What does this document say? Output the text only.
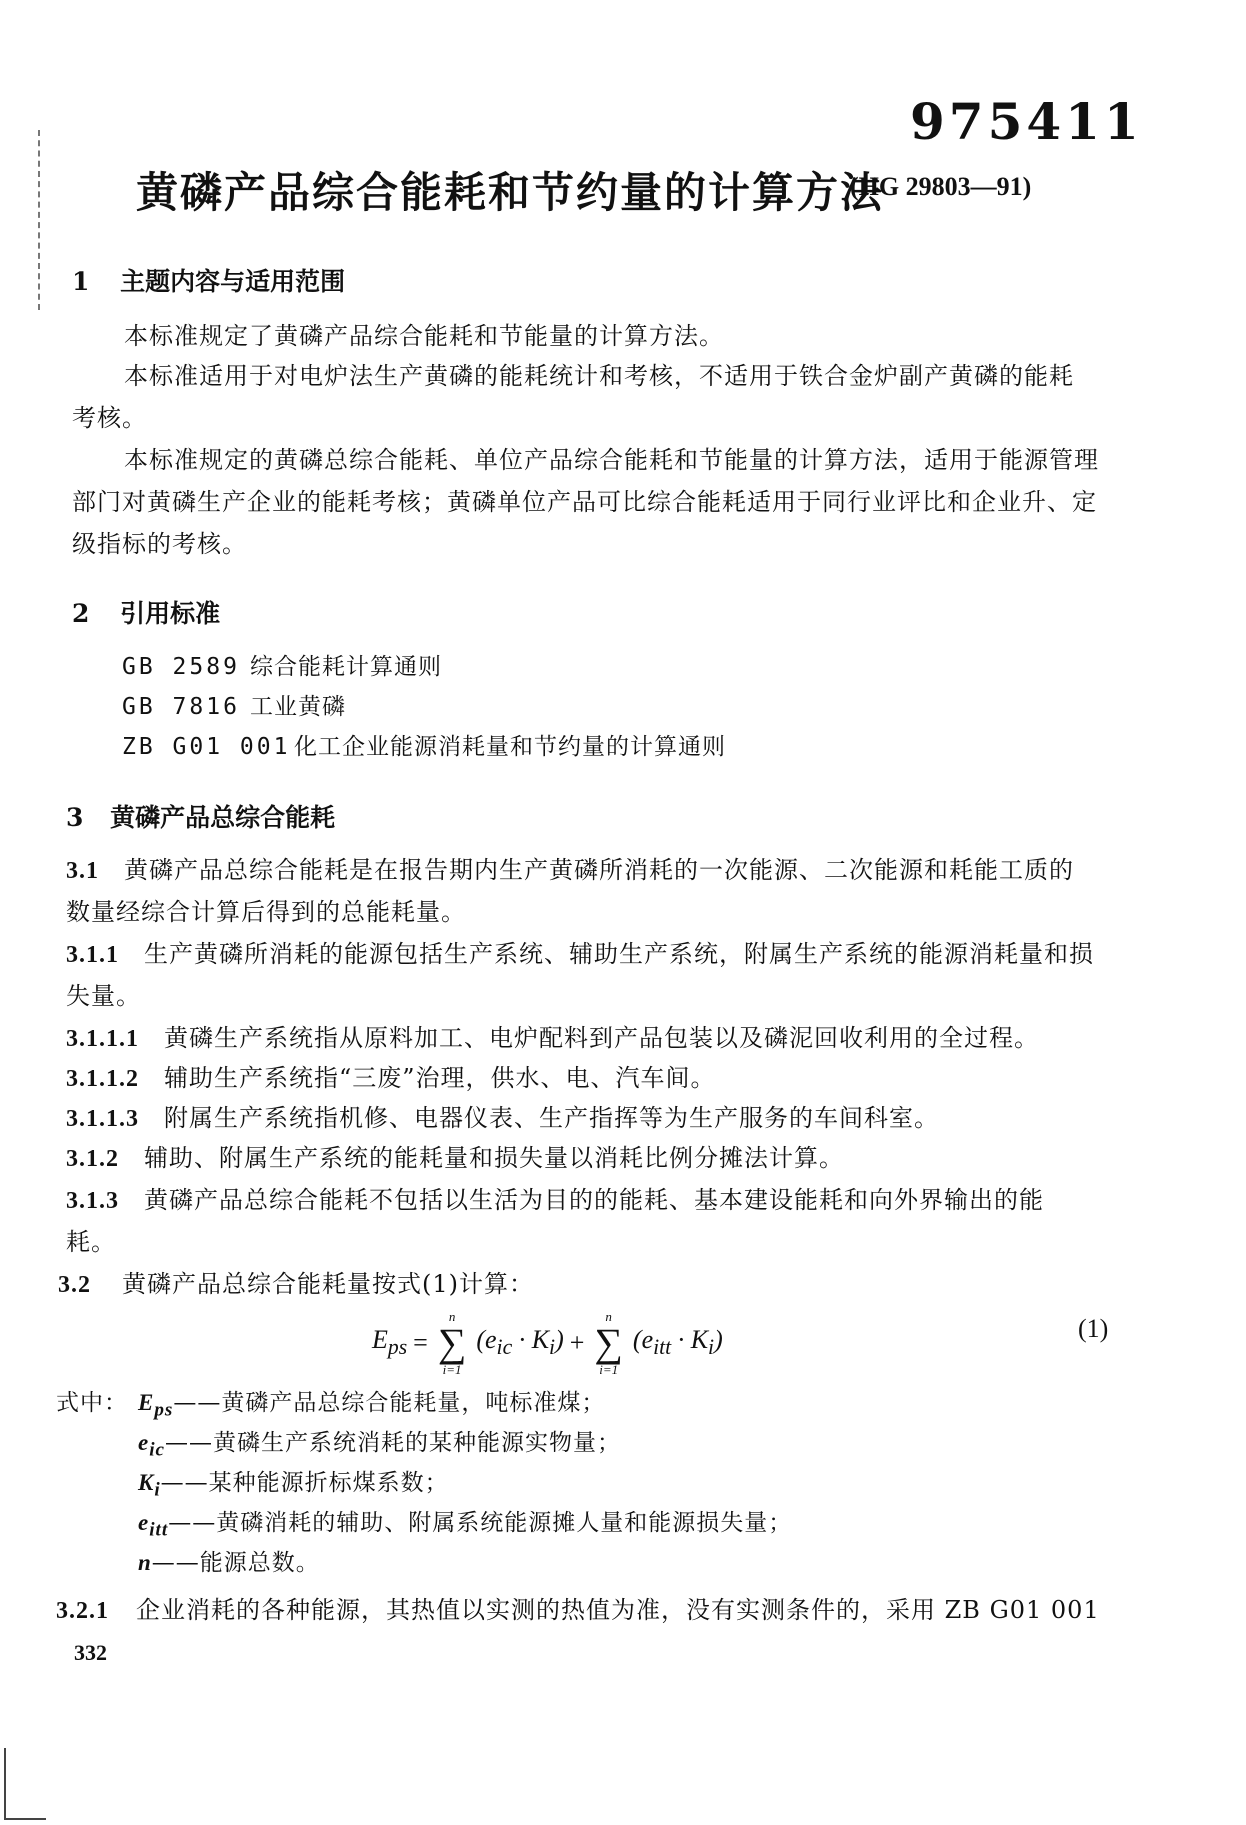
975411
黄磷产品综合能耗和节约量的计算方法
(HG 29803—91)
1 主题内容与适用范围
本标准规定了黄磷产品综合能耗和节能量的计算方法。
本标准适用于对电炉法生产黄磷的能耗统计和考核，不适用于铁合金炉副产黄磷的能耗
考核。
本标准规定的黄磷总综合能耗、单位产品综合能耗和节能量的计算方法，适用于能源管理
部门对黄磷生产企业的能耗考核；黄磷单位产品可比综合能耗适用于同行业评比和企业升、定
级指标的考核。
2 引用标准
GB 2589 综合能耗计算通则
GB 7816 工业黄磷
ZB G01 001 化工企业能源消耗量和节约量的计算通则
3 黄磷产品总综合能耗
3.1 黄磷产品总综合能耗是在报告期内生产黄磷所消耗的一次能源、二次能源和耗能工质的
数量经综合计算后得到的总能耗量。
3.1.1 生产黄磷所消耗的能源包括生产系统、辅助生产系统，附属生产系统的能源消耗量和损
失量。
3.1.1.1 黄磷生产系统指从原料加工、电炉配料到产品包装以及磷泥回收利用的全过程。
3.1.1.2 辅助生产系统指“三废”治理，供水、电、汽车间。
3.1.1.3 附属生产系统指机修、电器仪表、生产指挥等为生产服务的车间科室。
3.1.2 辅助、附属生产系统的能耗量和损失量以消耗比例分摊法计算。
3.1.3 黄磷产品总综合能耗不包括以生活为目的的能耗、基本建设能耗和向外界输出的能
耗。
3.2 黄磷产品总综合能耗量按式(1)计算：
$E_{ps}$ =
n
∑
i=1
$(e_{ic} \cdot K_i)$ +
n
∑
i=1
$(e_{itt} \cdot K_i)$	(1)
式中： $E_{ps}——$黄磷产品总综合能耗量，吨标准煤；
$e_{ic}——$黄磷生产系统消耗的某种能源实物量；
$K_i——$某种能源折标煤系数；
$e_{itt}——$黄磷消耗的辅助、附属系统能源摊人量和能源损失量；
n——能源总数。
3.2.1 企业消耗的各种能源，其热值以实测的热值为准，没有实测条件的，采用 ZB G01 001
332
